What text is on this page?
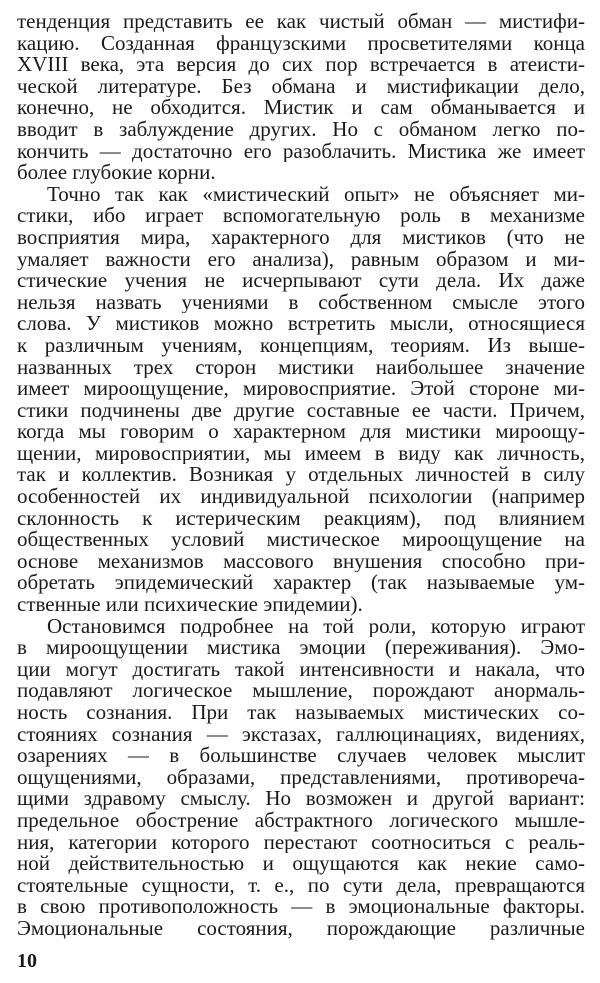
тенденция представить ее как чистый обман — мистифи-
кацию. Созданная французскими просветителями конца
XVIII века, эта версия до сих пор встречается в атеисти-
ческой литературе. Без обмана и мистификации дело,
конечно, не обходится. Мистик и сам обманывается и
вводит в заблуждение других. Но с обманом легко по-
кончить — достаточно его разоблачить. Мистика же имеет
более глубокие корни.
Точно так как «мистический опыт» не объясняет ми-
стики, ибо играет вспомогательную роль в механизме
восприятия мира, характерного для мистиков (что не
умаляет важности его анализа), равным образом и ми-
стические учения не исчерпывают сути дела. Их даже
нельзя назвать учениями в собственном смысле этого
слова. У мистиков можно встретить мысли, относящиеся
к различным учениям, концепциям, теориям. Из выше-
названных трех сторон мистики наибольшее значение
имеет мироощущение, мировосприятие. Этой стороне ми-
стики подчинены две другие составные ее части. Причем,
когда мы говорим о характерном для мистики мироощу-
щении, мировосприятии, мы имеем в виду как личность,
так и коллектив. Возникая у отдельных личностей в силу
особенностей их индивидуальной психологии (например
склонность к истерическим реакциям), под влиянием
общественных условий мистическое мироощущение на
основе механизмов массового внушения способно при-
обретать эпидемический характер (так называемые ум-
ственные или психические эпидемии).
Остановимся подробнее на той роли, которую играют
в мироощущении мистика эмоции (переживания). Эмо-
ции могут достигать такой интенсивности и накала, что
подавляют логическое мышление, порождают анормаль-
ность сознания. При так называемых мистических со-
стояниях сознания — экстазах, галлюцинациях, видениях,
озарениях — в большинстве случаев человек мыслит
ощущениями, образами, представлениями, противореча-
щими здравому смыслу. Но возможен и другой вариант:
предельное обострение абстрактного логического мышле-
ния, категории которого перестают соотноситься с реаль-
ной действительностью и ощущаются как некие само-
стоятельные сущности, т. е., по сути дела, превращаются
в свою противоположность — в эмоциональные факторы.
Эмоциональные состояния, порождающие различные
10
